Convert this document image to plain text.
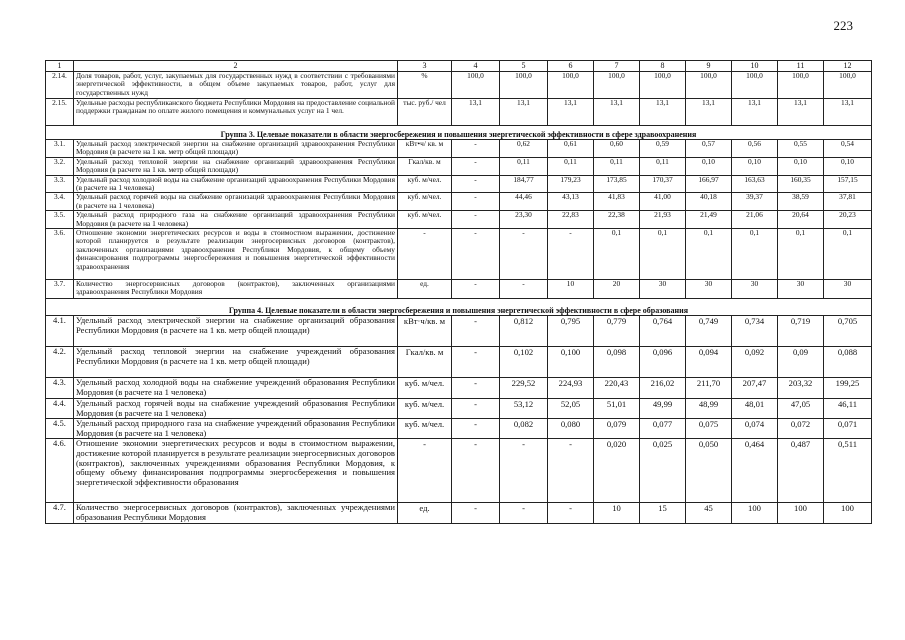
223
1	2	3	4	5	6	7	8	9	10	11	12
2.14.	Доля товаров, работ, услуг, закупаемых для государственных нужд в соответствии с требованиями энергетической эффективности, в общем объеме закупаемых товаров, работ, услуг для государственных нужд	%	100,0	100,0	100,0	100,0	100,0	100,0	100,0	100,0	100,0
2.15.	Удельные расходы республиканского бюджета Республики Мордовия на предоставление социальной поддержки гражданам по оплате жилого помещения и коммунальных услуг на 1 чел.	тыс. руб./ чел	13,1	13,1	13,1	13,1	13,1	13,1	13,1	13,1	13,1
Группа 3. Целевые показатели в области энергосбережения и повышения энергетической эффективности в сфере здравоохранения											
3.1.	Удельный расход электрической энергии на снабжение организаций здравоохранения Республики Мордовия (в расчете на 1 кв. метр общей площади)	кВт•ч/ кв. м	-	0,62	0,61	0,60	0,59	0,57	0,56	0,55	0,54
3.2.	Удельный расход тепловой энергии на снабжение организаций здравоохранения Республики Мордовия (в расчете на 1 кв. метр общей площади)	Гкал/кв. м	-	0,11	0,11	0,11	0,11	0,10	0,10	0,10	0,10
3.3.	Удельный расход холодной воды на снабжение организаций здравоохранения Республики Мордовия (в расчете на 1 человека)	куб. м/чел.	-	184,77	179,23	173,85	170,37	166,97	163,63	160,35	157,15
3.4.	Удельный расход горячей воды на снабжение организаций здравоохранения Республики Мордовия (в расчете на 1 человека)	куб. м/чел.	-	44,46	43,13	41,83	41,00	40,18	39,37	38,59	37,81
3.5.	Удельный расход природного газа на снабжение организаций здравоохранения Республики Мордовия (в расчете на 1 человека)	куб. м/чел.	-	23,30	22,83	22,38	21,93	21,49	21,06	20,64	20,23
3.6.	Отношение экономии энергетических ресурсов и воды в стоимостном выражении, достижение которой планируется в результате реализации энергосервисных договоров (контрактов), заключенных организациями здравоохранения Республики Мордовия, к общему объему финансирования подпрограммы энергосбережения и повышения энергетической эффективности здравоохранения	-	-	-	-	0,1	0,1	0,1	0,1	0,1	0,1
3.7.	Количество энергосервисных договоров (контрактов), заключенных организациями здравоохранения Республики Мордовия	ед.	-	-	10	20	30	30	30	30	30
Группа 4. Целевые показатели в области энергосбережения и повышения энергетической эффективности в сфере образования											
4.1.	Удельный расход электрической энергии на снабжение организаций образования Республики Мордовия (в расчете на 1 кв. метр общей площади)	кВт·ч/кв. м	-	0,812	0,795	0,779	0,764	0,749	0,734	0,719	0,705
4.2.	Удельный расход тепловой энергии на снабжение учреждений образования Республики Мордовия (в расчете на 1 кв. метр общей площади)	Гкал/кв. м	-	0,102	0,100	0,098	0,096	0,094	0,092	0,09	0,088
4.3.	Удельный расход холодной воды на снабжение учреждений образования Республики Мордовия (в расчете на 1 человека)	куб. м/чел.	-	229,52	224,93	220,43	216,02	211,70	207,47	203,32	199,25
4.4.	Удельный расход горячей воды на снабжение учреждений образования Республики Мордовия (в расчете на 1 человека)	куб. м/чел.	-	53,12	52,05	51,01	49,99	48,99	48,01	47,05	46,11
4.5.	Удельный расход природного газа на снабжение учреждений образования Республики Мордовия (в расчете на 1 человека)	куб. м/чел.	-	0,082	0,080	0,079	0,077	0,075	0,074	0,072	0,071
4.6.	Отношение экономии энергетических ресурсов и воды в стоимостном выражении, достижение которой планируется в результате реализации энергосервисных договоров (контрактов), заключенных учреждениями образования Республики Мордовия, к общему объему финансирования подпрограммы энергосбережения и повышения энергетической эффективности образования	-	-	-	-	0,020	0,025	0,050	0,464	0,487	0,511
4.7.	Количество энергосервисных договоров (контрактов), заключенных учреждениями образования Республики Мордовия	ед.	-	-	-	10	15	45	100	100	100
